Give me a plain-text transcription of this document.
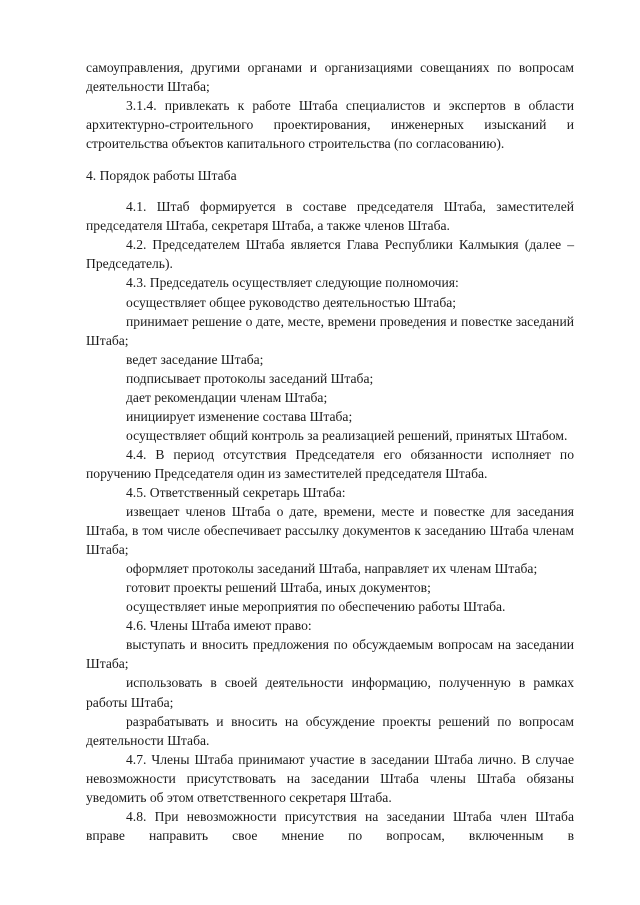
самоуправления, другими органами и организациями совещаниях по вопросам деятельности Штаба;

3.1.4. привлекать к работе Штаба специалистов и экспертов в области архитектурно-строительного проектирования, инженерных изысканий и строительства объектов капитального строительства (по согласованию).

4. Порядок работы Штаба

4.1. Штаб формируется в составе председателя Штаба, заместителей председателя Штаба, секретаря Штаба, а также членов Штаба.

4.2. Председателем Штаба является Глава Республики Калмыкия (далее – Председатель).

4.3. Председатель осуществляет следующие полномочия:

осуществляет общее руководство деятельностью Штаба;

принимает решение о дате, месте, времени проведения и повестке заседаний Штаба;

ведет заседание Штаба;

подписывает протоколы заседаний Штаба;

дает рекомендации членам Штаба;

инициирует изменение состава Штаба;

осуществляет общий контроль за реализацией решений, принятых Штабом.

4.4. В период отсутствия Председателя его обязанности исполняет по поручению Председателя один из заместителей председателя Штаба.

4.5. Ответственный секретарь Штаба:

извещает членов Штаба о дате, времени, месте и повестке для заседания Штаба, в том числе обеспечивает рассылку документов к заседанию Штаба членам Штаба;

оформляет протоколы заседаний Штаба, направляет их членам Штаба;

готовит проекты решений Штаба, иных документов;

осуществляет иные мероприятия по обеспечению работы Штаба.

4.6. Члены Штаба имеют право:

выступать и вносить предложения по обсуждаемым вопросам на заседании Штаба;

использовать в своей деятельности информацию, полученную в рамках работы Штаба;

разрабатывать и вносить на обсуждение проекты решений по вопросам деятельности Штаба.

4.7. Члены Штаба принимают участие в заседании Штаба лично. В случае невозможности присутствовать на заседании Штаба члены Штаба обязаны уведомить об этом ответственного секретаря Штаба.

4.8. При невозможности присутствия на заседании Штаба член Штаба вправе направить свое мнение по вопросам, включенным в
